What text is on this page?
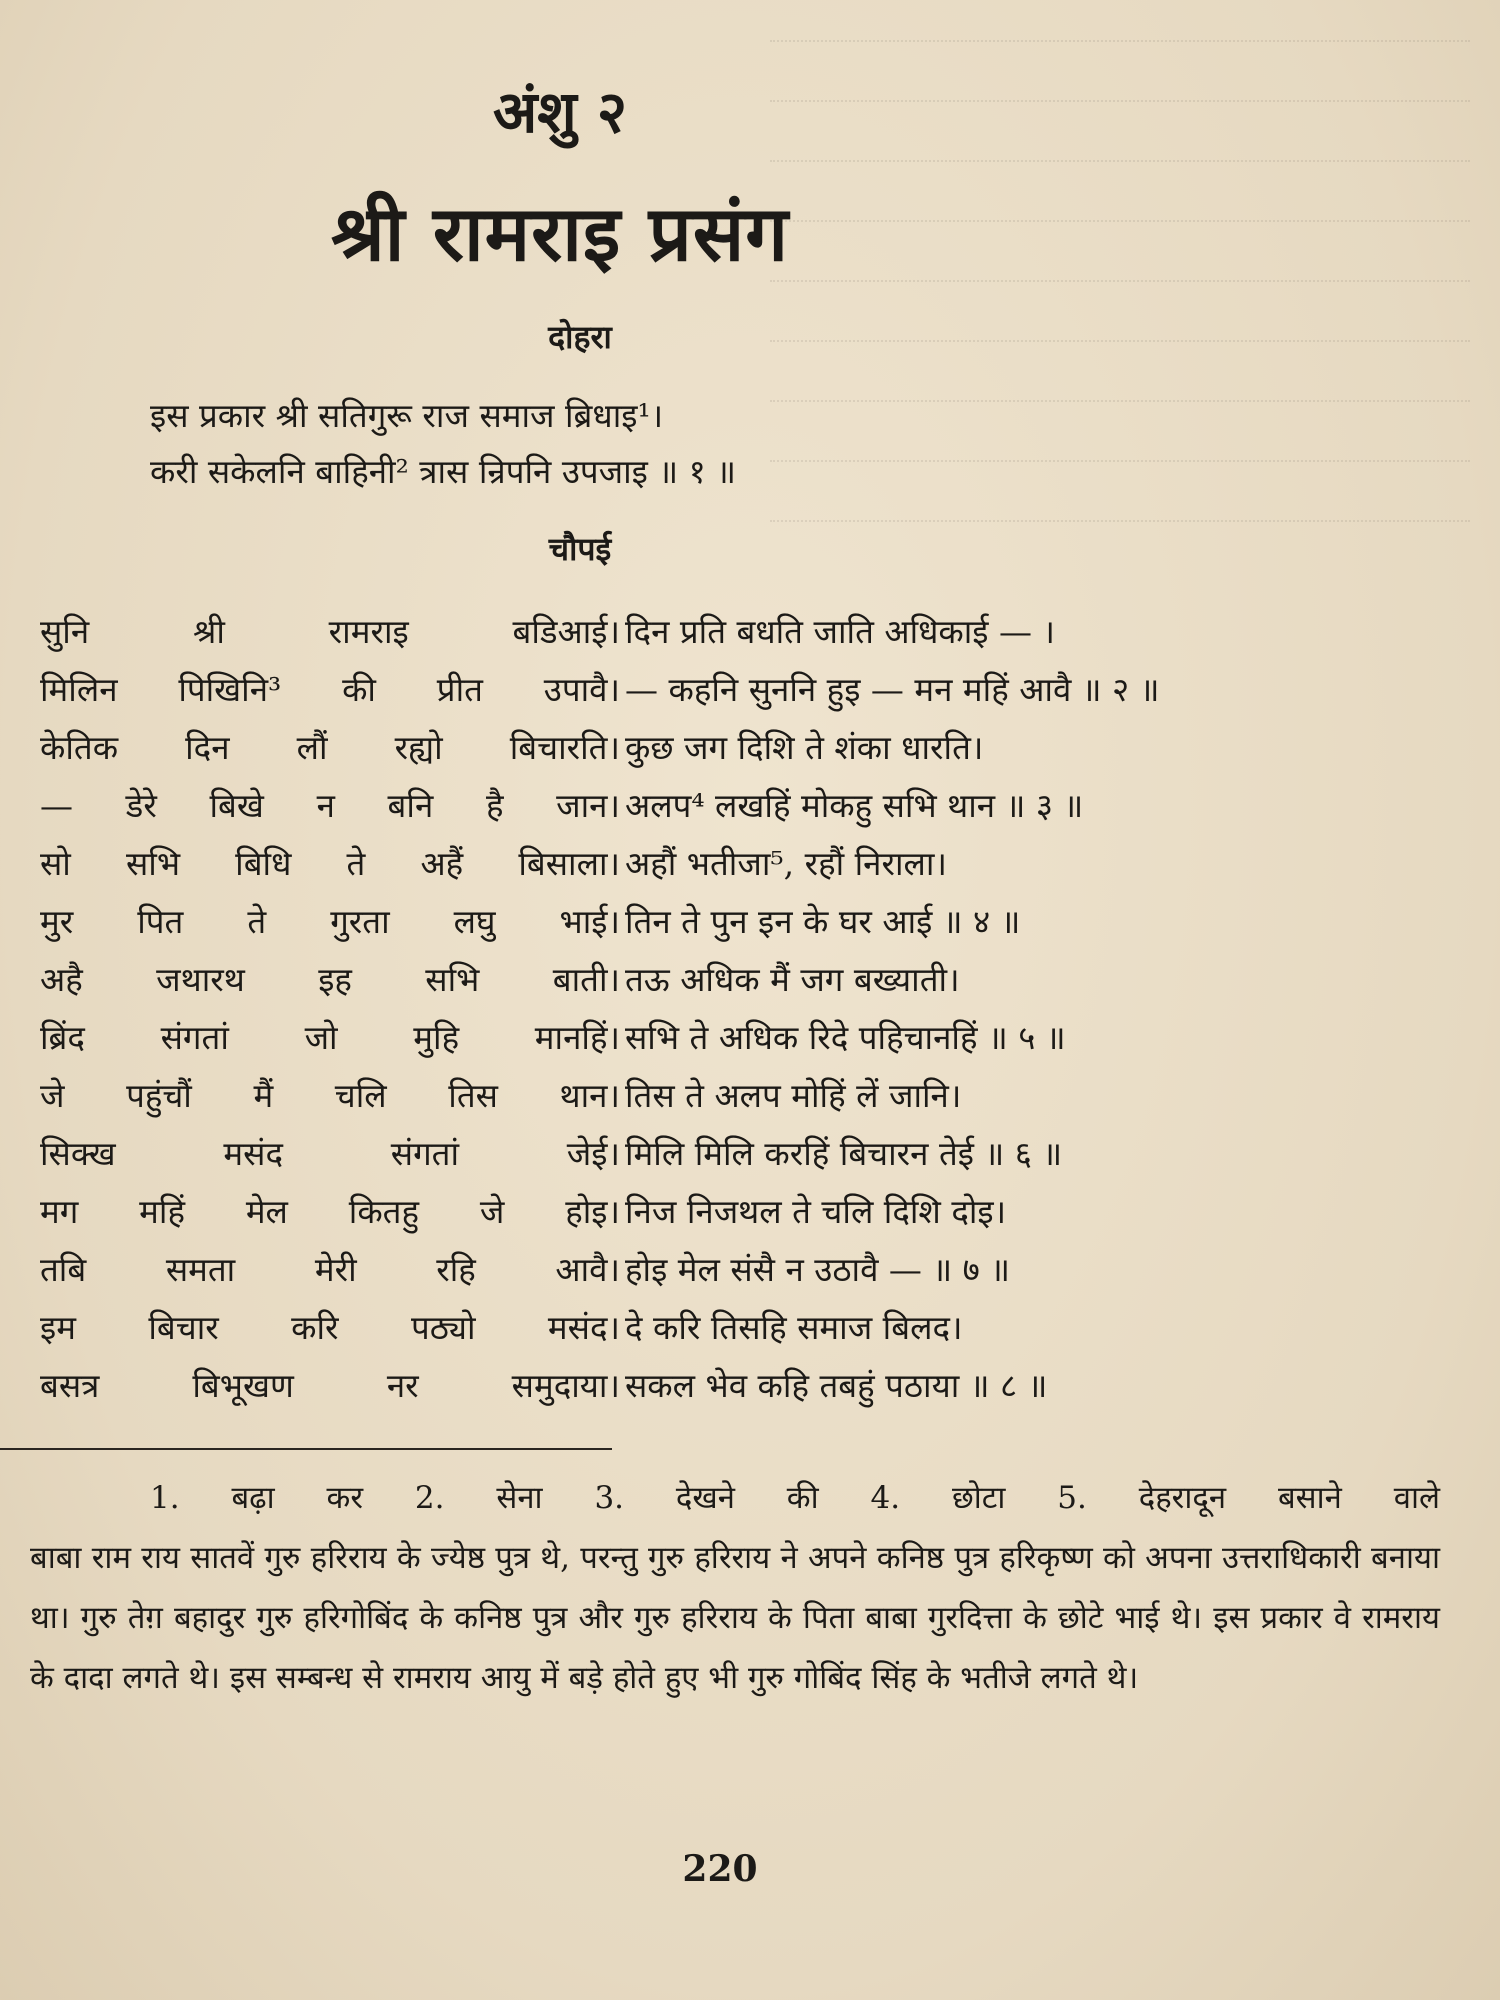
अंशु २
श्री रामराइ प्रसंग
दोहरा
इस प्रकार श्री सतिगुरू राज समाज ब्रिधाइ¹।
करी सकेलनि बाहिनी² त्रास न्रिपनि उपजाइ ॥ १ ॥
चौपई
सुनि श्री रामराइ बडिआई। दिन प्रति बधति जाति अधिकाई — ।
मिलिन पिखिनि³ की प्रीत उपावै। — कहनि सुननि हुइ — मन महिं आवै ॥ २ ॥
केतिक दिन लौं रह्यो बिचारति। कुछ जग दिशि ते शंका धारति।
— डेरे बिखे न बनि है जान। अलप⁴ लखहिं मोकहु सभि थान ॥ ३ ॥
सो सभि बिधि ते अहैं बिसाला। अहौं भतीजा⁵, रहौं निराला।
मुर पित ते गुरता लघु भाई। तिन ते पुन इन के घर आई ॥ ४ ॥
अहै जथारथ इह सभि बाती। तऊ अधिक मैं जग बख्याती।
ब्रिंद संगतां जो मुहि मानहिं। सभि ते अधिक रिदे पहिचानहिं ॥ ५ ॥
जे पहुंचौं मैं चलि तिस थान। तिस ते अलप मोहिं लें जानि।
सिक्ख मसंद संगतां जेई। मिलि मिलि करहिं बिचारन तेई ॥ ६ ॥
मग महिं मेल कितहु जे होइ। निज निजथल ते चलि दिशि दोइ।
तबि समता मेरी रहि आवै। होइ मेल संसै न उठावै — ॥ ७ ॥
इम बिचार करि पठ्यो मसंद। दे करि तिसहि समाज बिलद।
बसत्र बिभूखण नर समुदाया। सकल भेव कहि तबहुं पठाया ॥ ८ ॥

1. बढ़ा कर 2. सेना 3. देखने की 4. छोटा 5. देहरादून बसाने वाले

बाबा राम राय सातवें गुरु हरिराय के ज्येष्ठ पुत्र थे, परन्तु गुरु हरिराय ने अपने कनिष्ठ पुत्र हरिकृष्ण को अपना उत्तराधिकारी बनाया था। गुरु तेग़ बहादुर गुरु हरिगोबिंद के कनिष्ठ पुत्र और गुरु हरिराय के पिता बाबा गुरदित्ता के छोटे भाई थे। इस प्रकार वे रामराय के दादा लगते थे। इस सम्बन्ध से रामराय आयु में बड़े होते हुए भी गुरु गोबिंद सिंह के भतीजे लगते थे।

220
